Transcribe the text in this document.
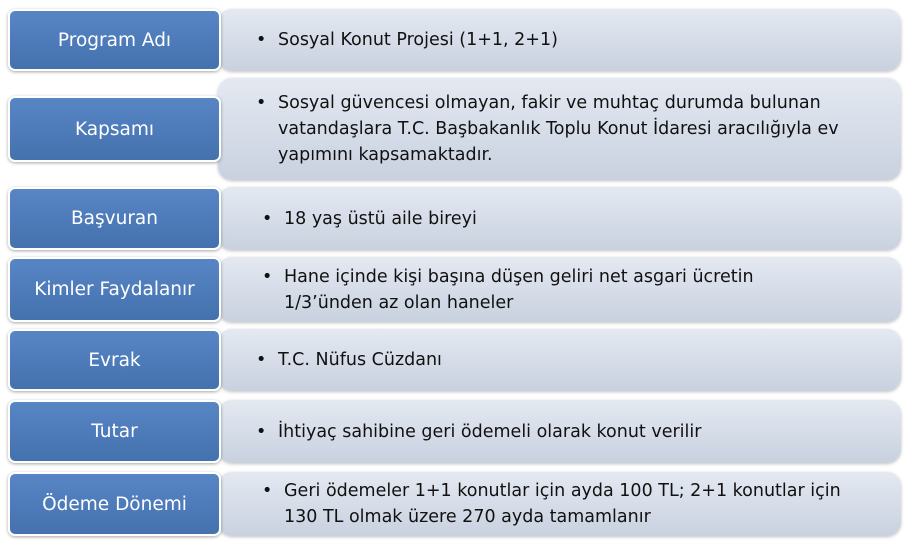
• Sosyal Konut Projesi (1+1, 2+1)
Program Adı
• Sosyal güvencesi olmayan, fakir ve muhtaç durumda bulunan vatandaşlara T.C. Başbakanlık Toplu Konut İdaresi aracılığıyla ev yapımını kapsamaktadır.
Kapsamı
• 18 yaş üstü aile bireyi
Başvuran
• Hane içinde kişi başına düşen geliri net asgari ücretin 1/3’ünden az olan haneler
Kimler Faydalanır
• T.C. Nüfus Cüzdanı
Evrak
• İhtiyaç sahibine geri ödemeli olarak konut verilir
Tutar
• Geri ödemeler 1+1 konutlar için ayda 100 TL; 2+1 konutlar için 130 TL olmak üzere 270 ayda tamamlanır
Ödeme Dönemi
